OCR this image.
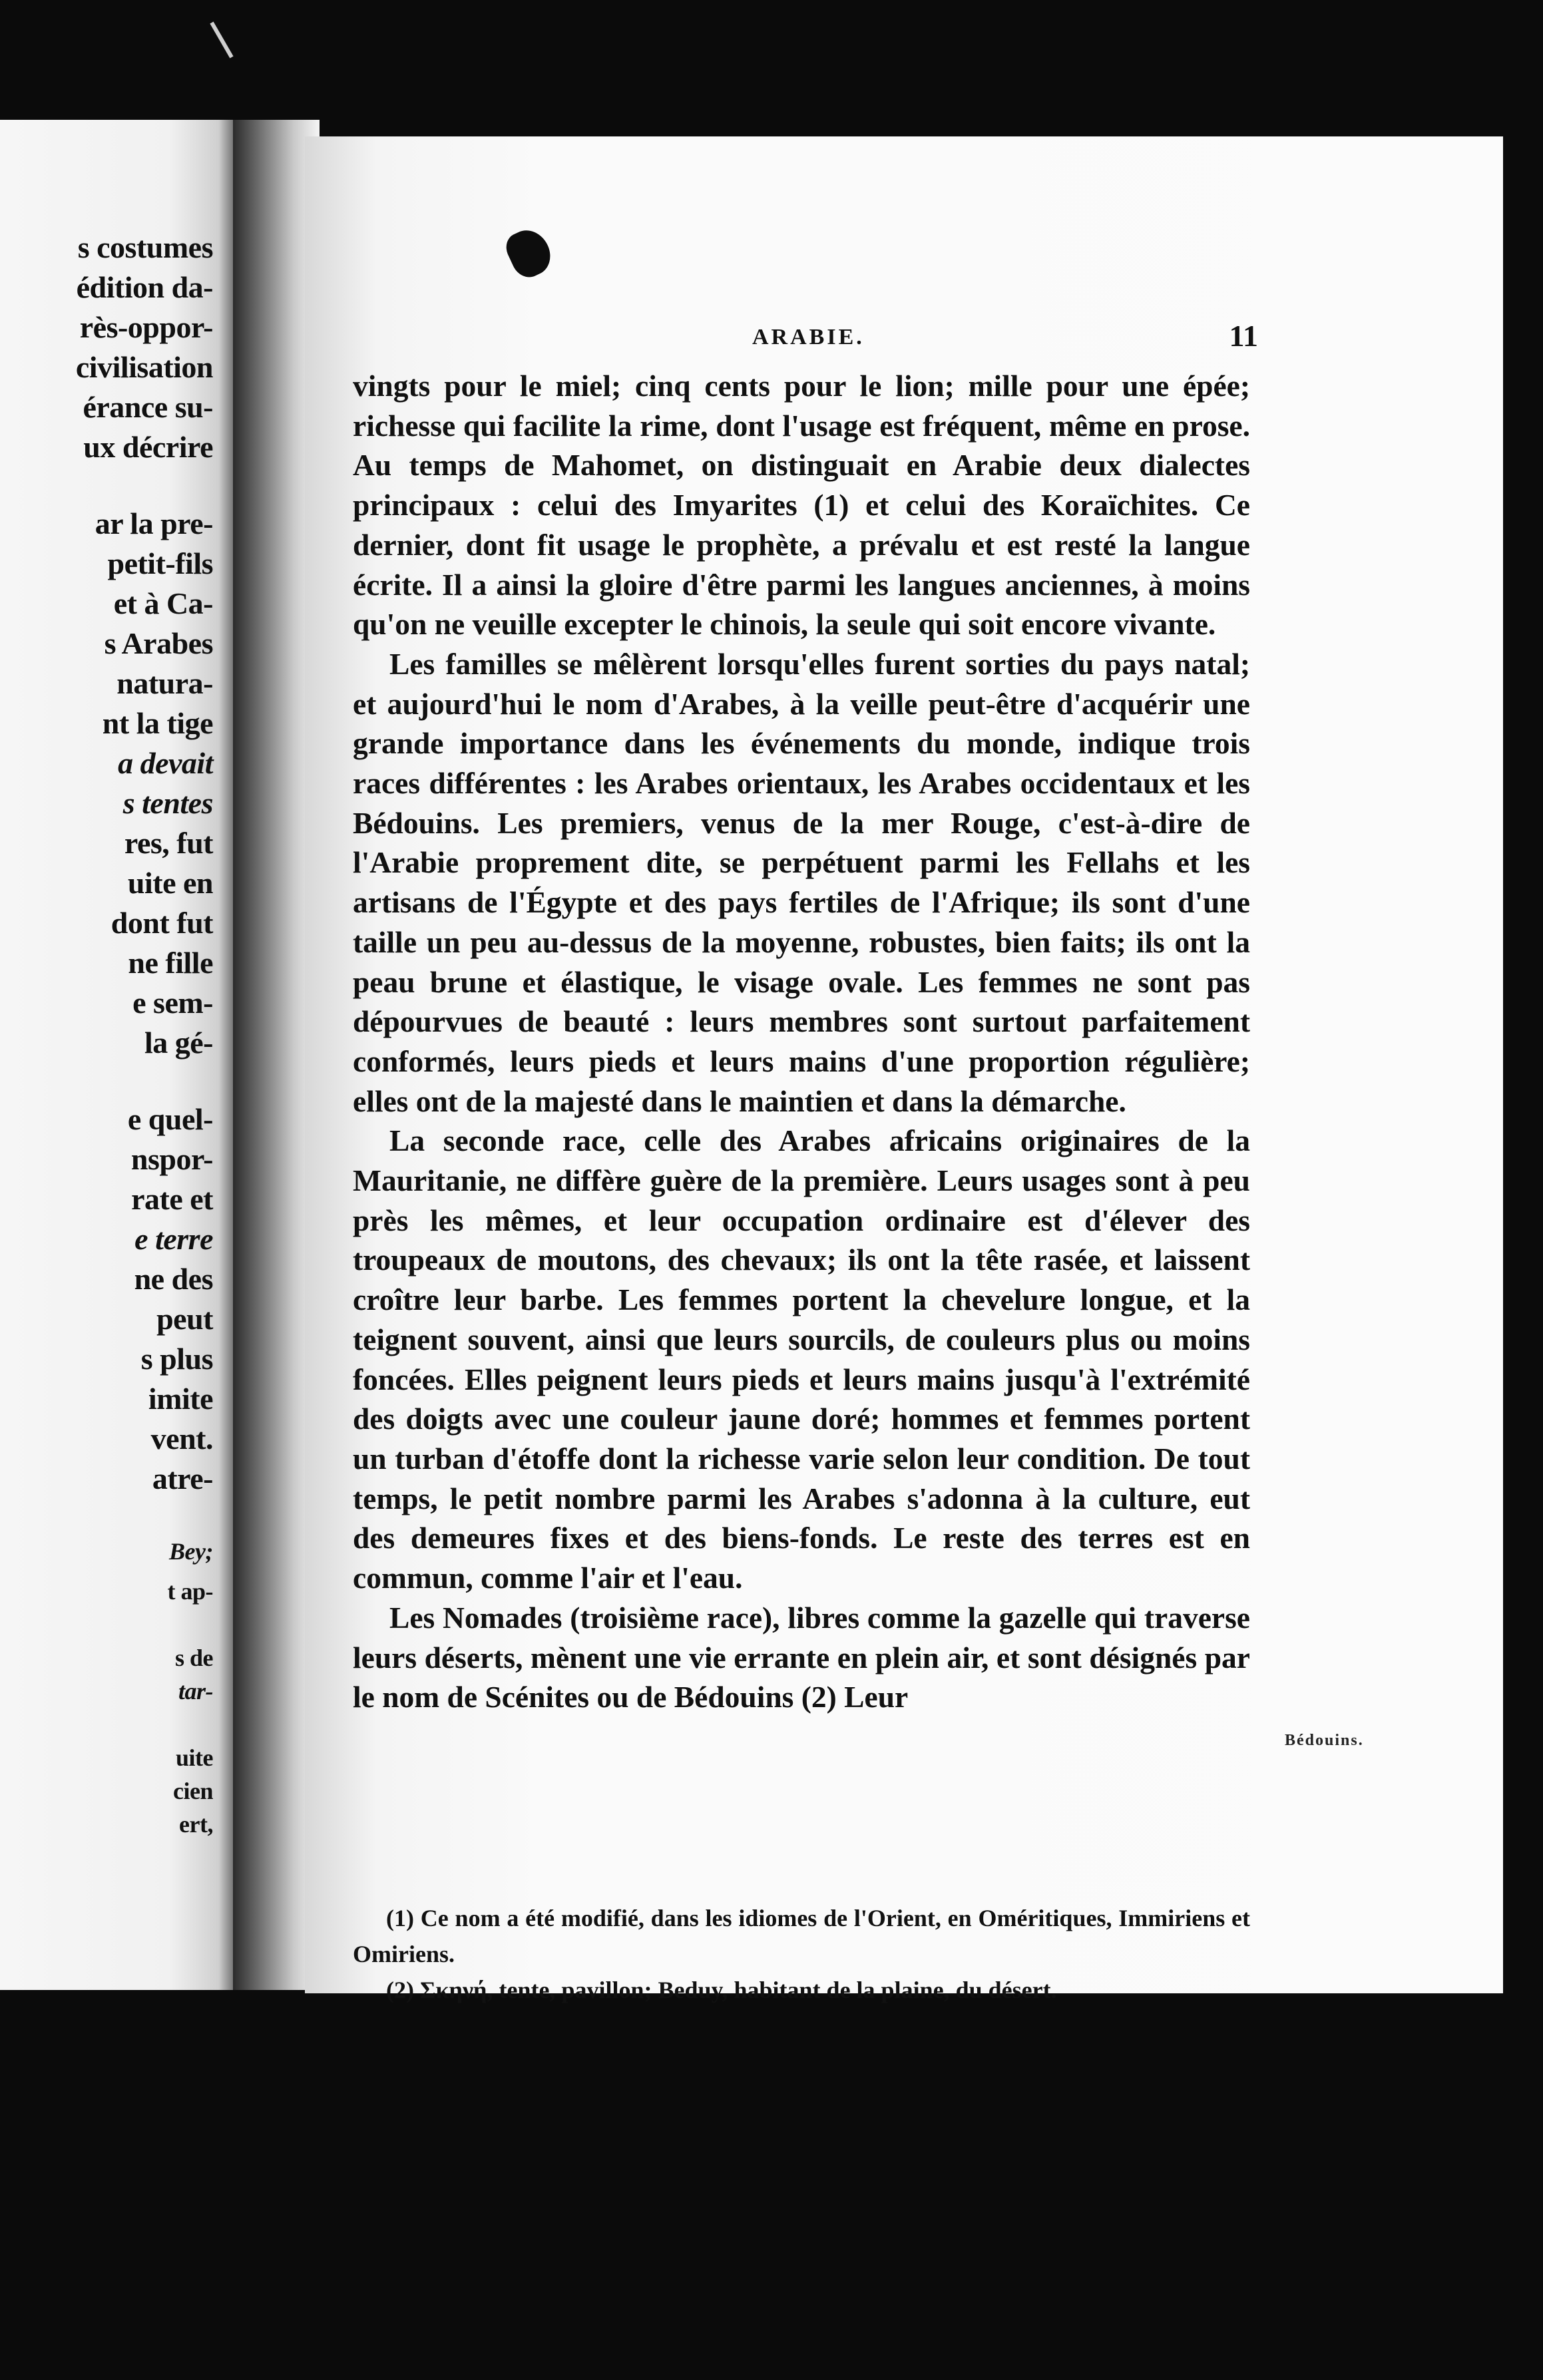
s costumes
édition da-
rès-oppor-
civilisation
érance su-
ux décrire
ar la pre-
petit-fils
et à Ca-
s Arabes
natura-
nt la tige
a devait
s tentes
res, fut
uite en
dont fut
ne fille
e sem-
la gé-
e quel-
nspor-
rate et
e terre
ne des
peut
s plus
imite
vent.
atre-
Bey;
t ap-
s de
tar-
uite
cien
ert,
ARABIE.	11

vingts pour le miel; cinq cents pour le lion; mille pour une épée; richesse qui facilite la rime, dont l'usage est fréquent, même en prose. Au temps de Mahomet, on distinguait en Arabie deux dialectes principaux : celui des Imyarites (1) et celui des Koraïchites. Ce dernier, dont fit usage le prophète, a prévalu et est resté la langue écrite. Il a ainsi la gloire d'être parmi les langues anciennes, à moins qu'on ne veuille excepter le chinois, la seule qui soit encore vivante.

Les familles se mêlèrent lorsqu'elles furent sorties du pays natal; et aujourd'hui le nom d'Arabes, à la veille peut-être d'acquérir une grande importance dans les événements du monde, indique trois races différentes : les Arabes orientaux, les Arabes occidentaux et les Bédouins. Les premiers, venus de la mer Rouge, c'est-à-dire de l'Arabie proprement dite, se perpétuent parmi les Fellahs et les artisans de l'Égypte et des pays fertiles de l'Afrique; ils sont d'une taille un peu au-dessus de la moyenne, robustes, bien faits; ils ont la peau brune et élastique, le visage ovale. Les femmes ne sont pas dépourvues de beauté : leurs membres sont surtout parfaitement conformés, leurs pieds et leurs mains d'une proportion régulière; elles ont de la majesté dans le maintien et dans la démarche.

La seconde race, celle des Arabes africains originaires de la Mauritanie, ne diffère guère de la première. Leurs usages sont à peu près les mêmes, et leur occupation ordinaire est d'élever des troupeaux de moutons, des chevaux; ils ont la tête rasée, et laissent croître leur barbe. Les femmes portent la chevelure longue, et la teignent souvent, ainsi que leurs sourcils, de couleurs plus ou moins foncées. Elles peignent leurs pieds et leurs mains jusqu'à l'extrémité des doigts avec une couleur jaune doré; hommes et femmes portent un turban d'étoffe dont la richesse varie selon leur condition. De tout temps, le petit nombre parmi les Arabes s'adonna à la culture, eut des demeures fixes et des biens-fonds. Le reste des terres est en commun, comme l'air et l'eau.

Les Nomades (troisième race), libres comme la gazelle qui traverse leurs déserts, mènent une vie errante en plein air, et sont désignés par le nom de Scénites ou de Bédouins (2) Leur

Bédouins.

(1) Ce nom a été modifié, dans les idiomes de l'Orient, en Oméritiques, Immiriens et Omiriens.

(2) Σκηνή, tente, pavillon; Beduy, habitant de la plaine, du désert.
